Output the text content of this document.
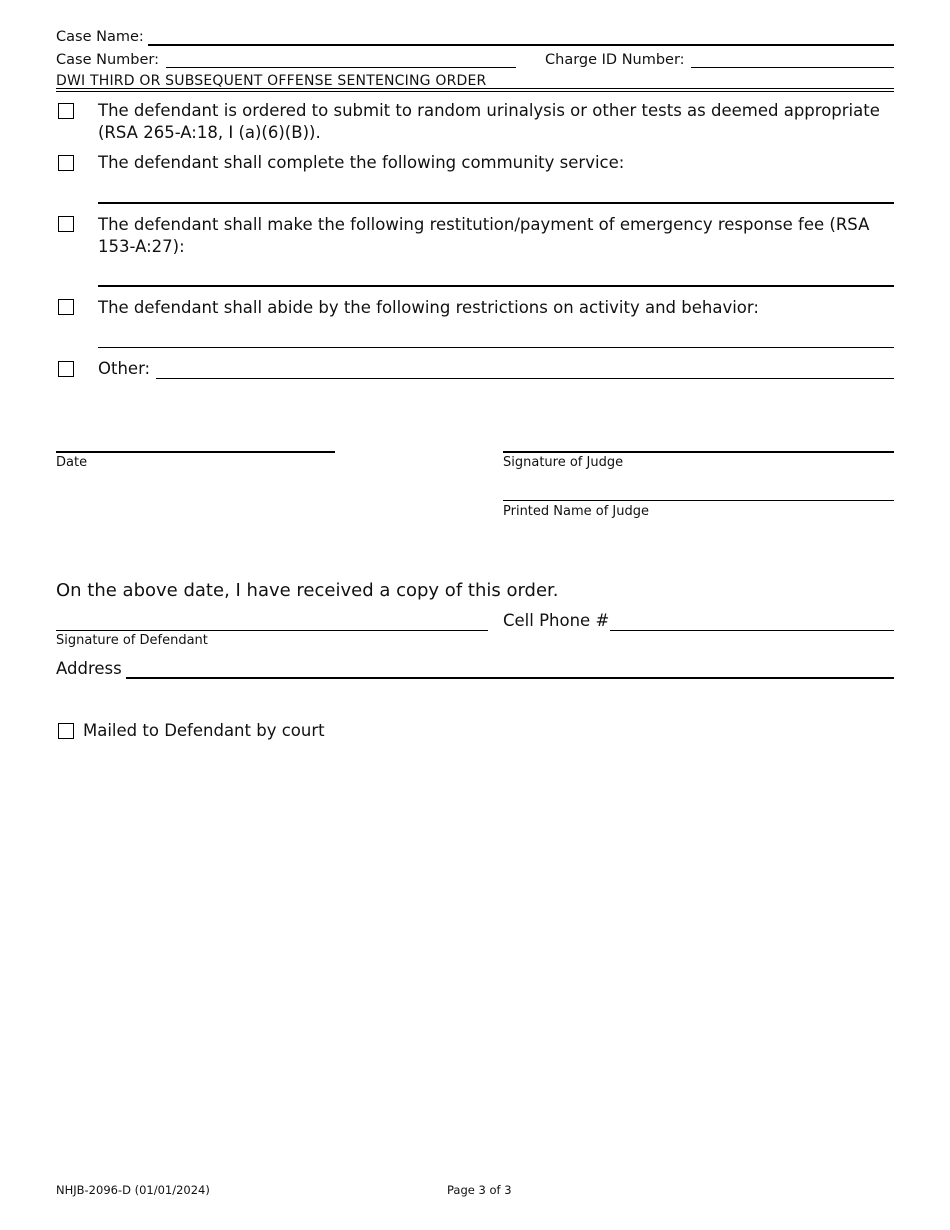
Case Name:
Case Number:	Charge ID Number:
DWI THIRD OR SUBSEQUENT OFFENSE SENTENCING ORDER
The defendant is ordered to submit to random urinalysis or other tests as deemed appropriate (RSA 265-A:18, I (a)(6)(B)).
The defendant shall complete the following community service:
The defendant shall make the following restitution/payment of emergency response fee (RSA 153-A:27):
The defendant shall abide by the following restrictions on activity and behavior:
Other:
Date	Signature of Judge
Printed Name of Judge
On the above date, I have received a copy of this order.
Signature of Defendant
Cell Phone #
Address
Mailed to Defendant by court
NHJB-2096-D (01/01/2024)	Page 3 of 3
